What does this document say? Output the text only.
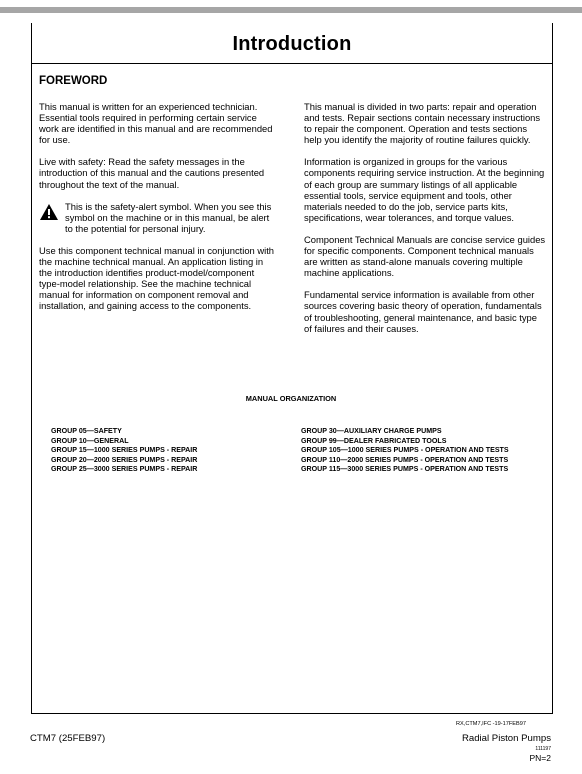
Introduction
FOREWORD

This manual is written for an experienced technician. Essential tools required in performing certain service work are identified in this manual and are recommended for use.

Live with safety: Read the safety messages in the introduction of this manual and the cautions presented throughout the text of the manual.

This is the safety-alert symbol. When you see this symbol on the machine or in this manual, be alert to the potential for personal injury.

Use this component technical manual in conjunction with the machine technical manual. An application listing in the introduction identifies product-model/component type-model relationship. See the machine technical manual for information on component removal and installation, and gaining access to the components.

This manual is divided in two parts: repair and operation and tests. Repair sections contain necessary instructions to repair the component. Operation and tests sections help you identify the majority of routine failures quickly.

Information is organized in groups for the various components requiring service instruction. At the beginning of each group are summary listings of all applicable essential tools, service equipment and tools, other materials needed to do the job, service parts kits, specifications, wear tolerances, and torque values.

Component Technical Manuals are concise service guides for specific components. Component technical manuals are written as stand-alone manuals covering multiple machine applications.

Fundamental service information is available from other sources covering basic theory of operation, fundamentals of troubleshooting, general maintenance, and basic type of failures and their causes.

MANUAL ORGANIZATION
GROUP 05—SAFETY
GROUP 10—GENERAL
GROUP 15—1000 SERIES PUMPS - REPAIR
GROUP 20—2000 SERIES PUMPS - REPAIR
GROUP 25—3000 SERIES PUMPS - REPAIR
GROUP 30—AUXILIARY CHARGE PUMPS
GROUP 99—DEALER FABRICATED TOOLS
GROUP 105—1000 SERIES PUMPS - OPERATION AND TESTS
GROUP 110—2000 SERIES PUMPS - OPERATION AND TESTS
GROUP 115—3000 SERIES PUMPS - OPERATION AND TESTS
RX,CTM7,IFC -19-17FEB97
CTM7 (25FEB97)	Radial Piston Pumps
111197
PN=2
